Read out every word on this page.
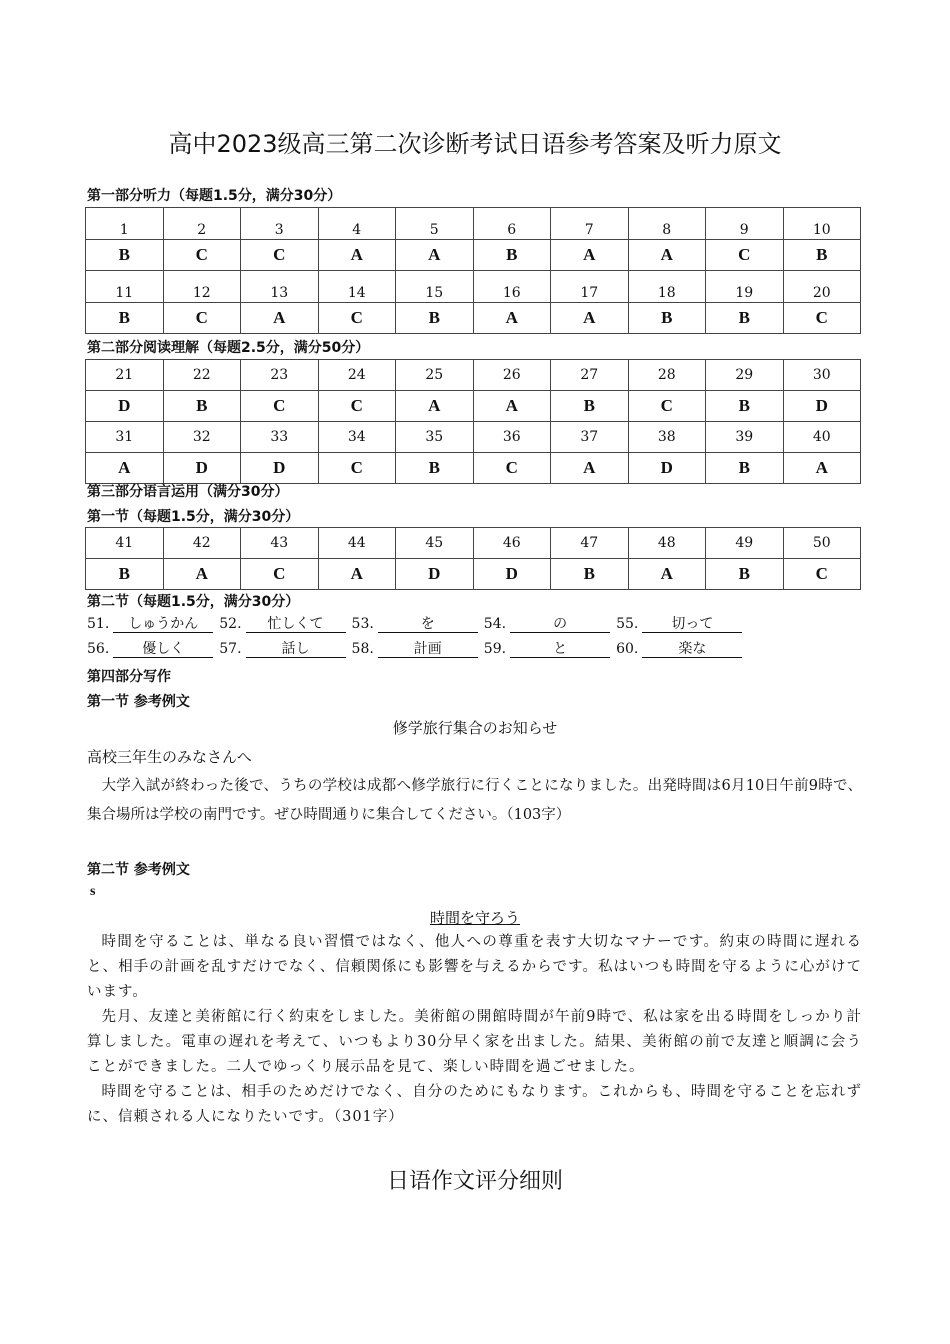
高中2023级高三第二次诊断考试日语参考答案及听力原文
第一部分听力（每题1.5分，满分30分）
1	2	3	4	5	6	7	8	9	10
B	C	C	A	A	B	A	A	C	B
11	12	13	14	15	16	17	18	19	20
B	C	A	C	B	A	A	B	B	C
第二部分阅读理解（每题2.5分，满分50分）
21	22	23	24	25	26	27	28	29	30
D	B	C	C	A	A	B	C	B	D
31	32	33	34	35	36	37	38	39	40
A	D	D	C	B	C	A	D	B	A
第三部分语言运用（满分30分）
第一节（每题1.5分，满分30分）
41	42	43	44	45	46	47	48	49	50
B	A	C	A	D	D	B	A	B	C
第二节（每题1.5分，满分30分）
51. しゅうかん 52. 忙しくて 53.	を	54.	の	55. 切って
56. 優しく	57.	話し	58.	計画	59.	と	60.	楽な
第四部分写作
第一节 参考例文
修学旅行集合のお知らせ
高校三年生のみなさんへ
大学入試が終わった後で、うちの学校は成都へ修学旅行に行くことになりました。出発時間は6月10日午前9時で、集合場所は学校の南門です。ぜひ時間通りに集合してください。（103字）
第二节 参考例文
s
時間を守ろう
時間を守ることは、単なる良い習慣ではなく、他人への尊重を表す大切なマナーです。約束の時間に遅れると、相手の計画を乱すだけでなく、信頼関係にも影響を与えるからです。私はいつも時間を守るように心がけています。
先月、友達と美術館に行く約束をしました。美術館の開館時間が午前9時で、私は家を出る時間をしっかり計算しました。電車の遅れを考えて、いつもより30分早く家を出ました。結果、美術館の前で友達と順調に会うことができました。二人でゆっくり展示品を見て、楽しい時間を過ごせました。
時間を守ることは、相手のためだけでなく、自分のためにもなります。これからも、時間を守ることを忘れずに、信頼される人になりたいです。（301字）
日语作文评分细则
